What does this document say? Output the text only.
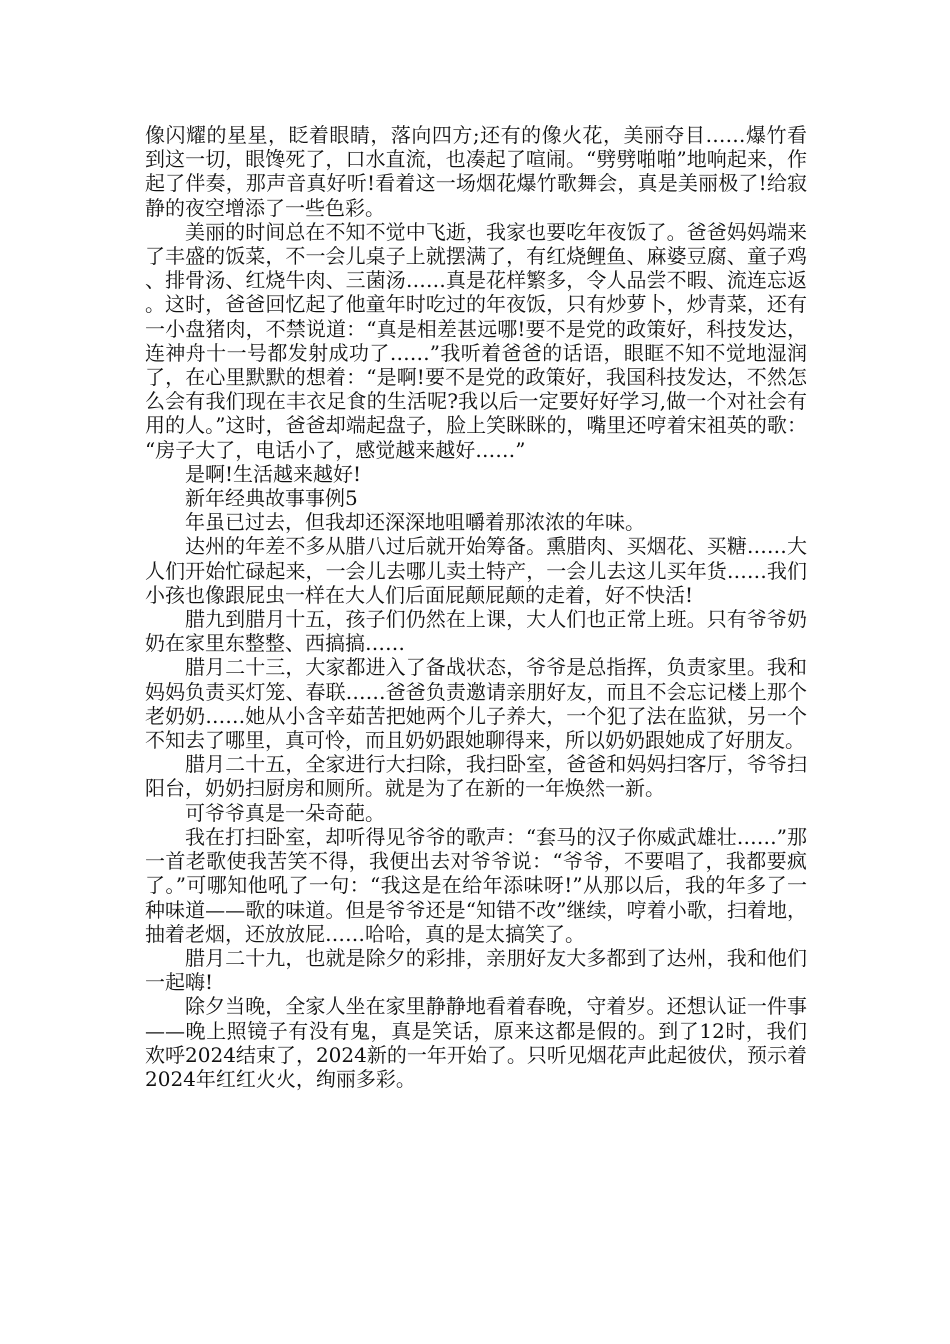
像闪耀的星星，眨着眼睛，落向四方;还有的像火花，美丽夺目……爆竹看到这一切，眼馋死了，口水直流，也凑起了喧闹。“劈劈啪啪”地响起来，作起了伴奏，那声音真好听!看着这一场烟花爆竹歌舞会，真是美丽极了!给寂静的夜空增添了一些色彩。

美丽的时间总在不知不觉中飞逝，我家也要吃年夜饭了。爸爸妈妈端来了丰盛的饭菜，不一会儿桌子上就摆满了，有红烧鲤鱼、麻婆豆腐、童子鸡、排骨汤、红烧牛肉、三菌汤……真是花样繁多，令人品尝不暇、流连忘返。这时，爸爸回忆起了他童年时吃过的年夜饭，只有炒萝卜，炒青菜，还有一小盘猪肉，不禁说道：“真是相差甚远哪!要不是党的政策好，科技发达，连神舟十一号都发射成功了……”我听着爸爸的话语，眼眶不知不觉地湿润了，在心里默默的想着：“是啊!要不是党的政策好，我国科技发达，不然怎么会有我们现在丰衣足食的生活呢?我以后一定要好好学习,做一个对社会有用的人。”这时，爸爸却端起盘子，脸上笑眯眯的，嘴里还哼着宋祖英的歌：“房子大了，电话小了，感觉越来越好……”

是啊!生活越来越好!

新年经典故事事例5

年虽已过去，但我却还深深地咀嚼着那浓浓的年味。

达州的年差不多从腊八过后就开始筹备。熏腊肉、买烟花、买糖……大人们开始忙碌起来，一会儿去哪儿卖土特产，一会儿去这儿买年货……我们小孩也像跟屁虫一样在大人们后面屁颠屁颠的走着，好不快活!

腊九到腊月十五，孩子们仍然在上课，大人们也正常上班。只有爷爷奶奶在家里东整整、西搞搞……

腊月二十三，大家都进入了备战状态，爷爷是总指挥，负责家里。我和妈妈负责买灯笼、春联……爸爸负责邀请亲朋好友，而且不会忘记楼上那个老奶奶……她从小含辛茹苦把她两个儿子养大，一个犯了法在监狱，另一个不知去了哪里，真可怜，而且奶奶跟她聊得来，所以奶奶跟她成了好朋友。

腊月二十五，全家进行大扫除，我扫卧室，爸爸和妈妈扫客厅，爷爷扫阳台，奶奶扫厨房和厕所。就是为了在新的一年焕然一新。

可爷爷真是一朵奇葩。

我在打扫卧室，却听得见爷爷的歌声：“套马的汉子你威武雄壮……”那一首老歌使我苦笑不得，我便出去对爷爷说：“爷爷，不要唱了，我都要疯了。”可哪知他吼了一句：“我这是在给年添味呀!”从那以后，我的年多了一种味道——歌的味道。但是爷爷还是“知错不改”继续，哼着小歌，扫着地，抽着老烟，还放放屁……哈哈，真的是太搞笑了。

腊月二十九，也就是除夕的彩排，亲朋好友大多都到了达州，我和他们一起嗨!

除夕当晚，全家人坐在家里静静地看着春晚，守着岁。还想认证一件事——晚上照镜子有没有鬼，真是笑话，原来这都是假的。到了12时，我们欢呼2024结束了，2024新的一年开始了。只听见烟花声此起彼伏，预示着2024年红红火火，绚丽多彩。
